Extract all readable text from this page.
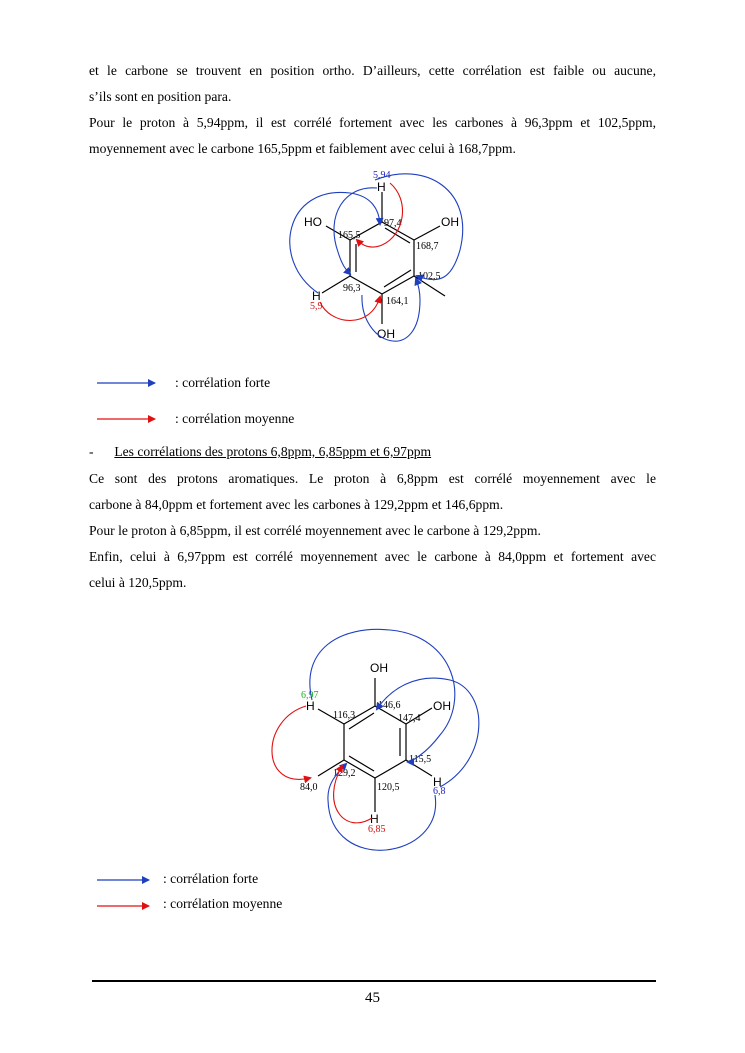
et le carbone se trouvent en position ortho. D’ailleurs, cette corrélation est faible ou aucune,
s’ils sont en position para.
Pour le proton à 5,94ppm, il est corrélé fortement avec les carbones à 96,3ppm et 102,5ppm,
moyennement avec le carbone 165,5ppm et faiblement avec celui à 168,7ppm.
H
5,94
HO	OH
OH
H
5,9
165,5
97,4
168,7
102,5
96,3
164,1
: corrélation forte
: corrélation moyenne
- Les corrélations des protons 6,8ppm, 6,85ppm et 6,97ppm
Ce sont des protons aromatiques. Le proton à 6,8ppm est corrélé moyennement avec le
carbone à 84,0ppm et fortement avec les carbones à 129,2ppm et 146,6ppm.
Pour le proton à 6,85ppm, il est corrélé moyennement avec le carbone à 129,2ppm.
Enfin, celui à 6,97ppm est corrélé moyennement avec le carbone à 84,0ppm et fortement avec
celui à 120,5ppm.
OH
OH
H
6,97
H
6,8
H
6,85
116,3
146,6
147,4
115,5
84,0
129,2
120,5
: corrélation forte
: corrélation moyenne
45
